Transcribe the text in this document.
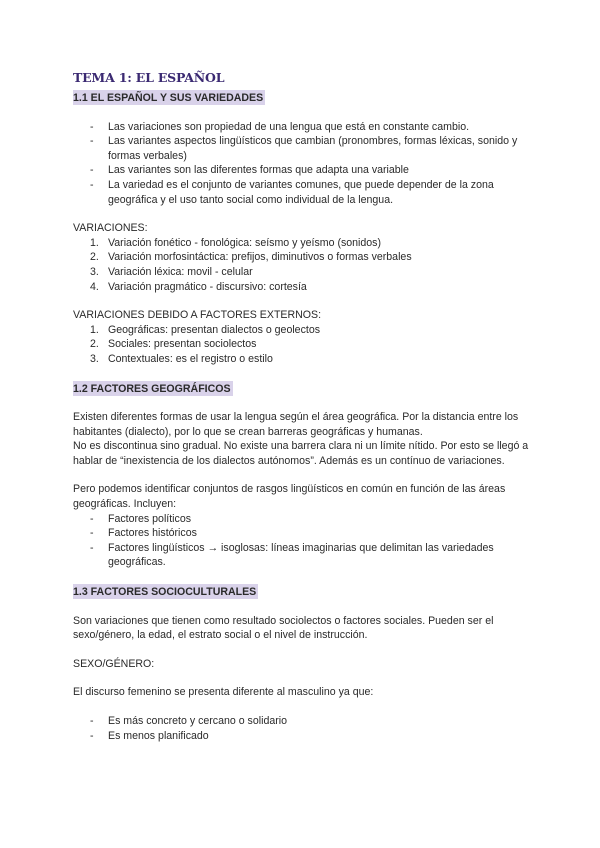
TEMA 1: EL ESPAÑOL
1.1 EL ESPAÑOL Y SUS VARIEDADES
- Las variaciones son propiedad de una lengua que está en constante cambio.
- Las variantes aspectos lingüísticos que cambian (pronombres, formas léxicas, sonido y formas verbales)
- Las variantes son las diferentes formas que adapta una variable
- La variedad es el conjunto de variantes comunes, que puede depender de la zona geográfica y el uso tanto social como individual de la lengua.

VARIACIONES:

1. Variación fonético - fonológica: seísmo y yeísmo (sonidos)
2. Variación morfosintáctica: prefijos, diminutivos o formas verbales
3. Variación léxica: movil - celular
4. Variación pragmático - discursivo: cortesía

VARIACIONES DEBIDO A FACTORES EXTERNOS:

1. Geográficas: presentan dialectos o geolectos
2. Sociales: presentan sociolectos
3. Contextuales: es el registro o estilo
1.2 FACTORES GEOGRÁFICOS

Existen diferentes formas de usar la lengua según el área geográfica. Por la distancia entre los habitantes (dialecto), por lo que se crean barreras geográficas y humanas.

No es discontinua sino gradual. No existe una barrera clara ni un límite nítido. Por esto se llegó a hablar de “inexistencia de los dialectos autónomos”. Además es un contínuo de variaciones.

Pero podemos identificar conjuntos de rasgos lingüísticos en común en función de las áreas geográficas. Incluyen:

- Factores políticos
- Factores históricos
- Factores lingüísticos → isoglosas: líneas imaginarias que delimitan las variedades geográficas.
1.3 FACTORES SOCIOCULTURALES

Son variaciones que tienen como resultado sociolectos o factores sociales. Pueden ser el sexo/género, la edad, el estrato social o el nivel de instrucción.

SEXO/GÉNERO:

El discurso femenino se presenta diferente al masculino ya que:

- Es más concreto y cercano o solidario
- Es menos planificado
